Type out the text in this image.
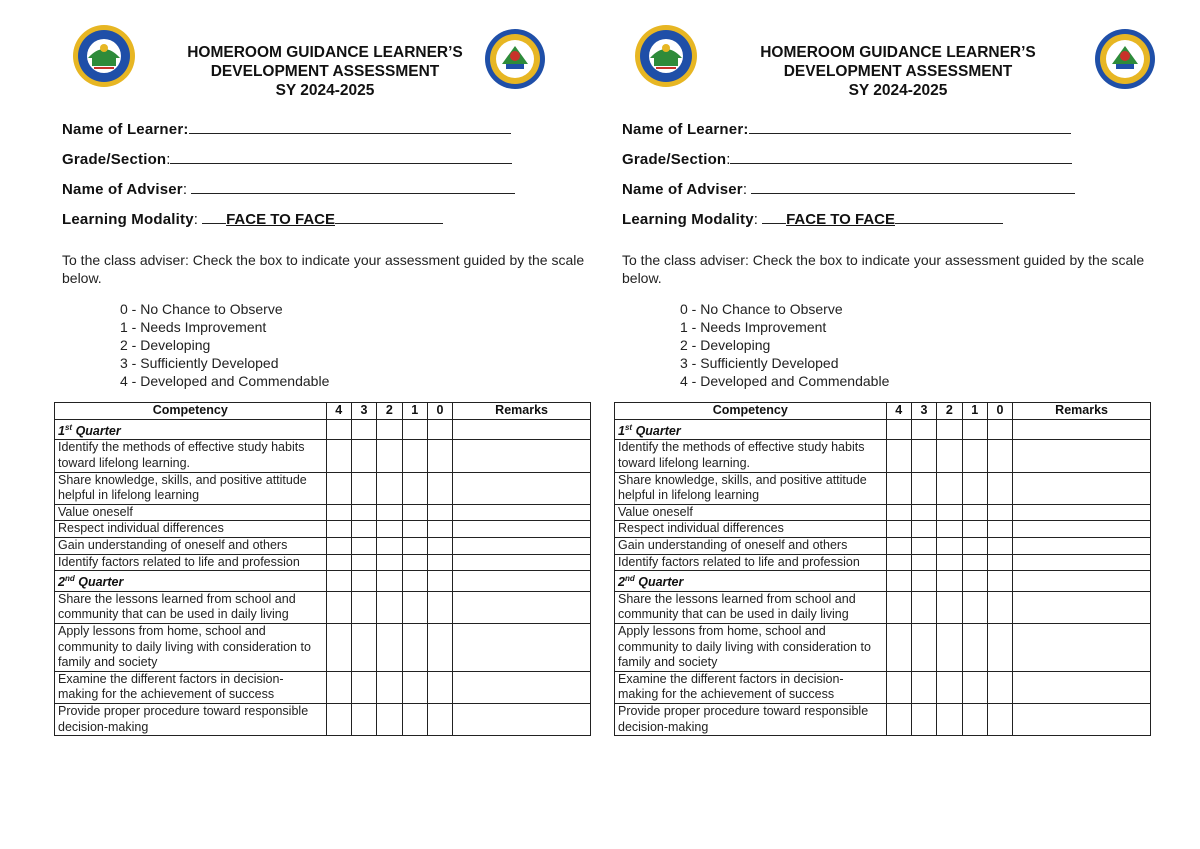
HOMEROOM GUIDANCE LEARNER’S
DEVELOPMENT ASSESSMENT
SY 2024-2025
Name of Learner:
Grade/Section:
Name of Adviser:
Learning Modality: FACE TO FACE
To the class adviser: Check the box to indicate your assessment guided by the scale below.
0 - No Chance to Observe
1 - Needs Improvement
2 - Developing
3 - Sufficiently Developed
4 - Developed and Commendable
Competency	4	3	2	1	0	Remarks
1st Quarter						
Identify the methods of effective study habits toward lifelong learning.						
Share knowledge, skills, and positive attitude helpful in lifelong learning						
Value oneself						
Respect individual differences						
Gain understanding of oneself and others						
Identify factors related to life and profession						
2nd Quarter						
Share the lessons learned from school and community that can be used in daily living						
Apply lessons from home, school and community to daily living with consideration to family and society						
Examine the different factors in decision-making for the achievement of success						
Provide proper procedure toward responsible decision-making						
HOMEROOM GUIDANCE LEARNER’S
DEVELOPMENT ASSESSMENT
SY 2024-2025
Name of Learner:
Grade/Section:
Name of Adviser:
Learning Modality: FACE TO FACE
To the class adviser: Check the box to indicate your assessment guided by the scale below.
0 - No Chance to Observe
1 - Needs Improvement
2 - Developing
3 - Sufficiently Developed
4 - Developed and Commendable
Competency	4	3	2	1	0	Remarks
1st Quarter						
Identify the methods of effective study habits toward lifelong learning.						
Share knowledge, skills, and positive attitude helpful in lifelong learning						
Value oneself						
Respect individual differences						
Gain understanding of oneself and others						
Identify factors related to life and profession						
2nd Quarter						
Share the lessons learned from school and community that can be used in daily living						
Apply lessons from home, school and community to daily living with consideration to family and society						
Examine the different factors in decision-making for the achievement of success						
Provide proper procedure toward responsible decision-making						
